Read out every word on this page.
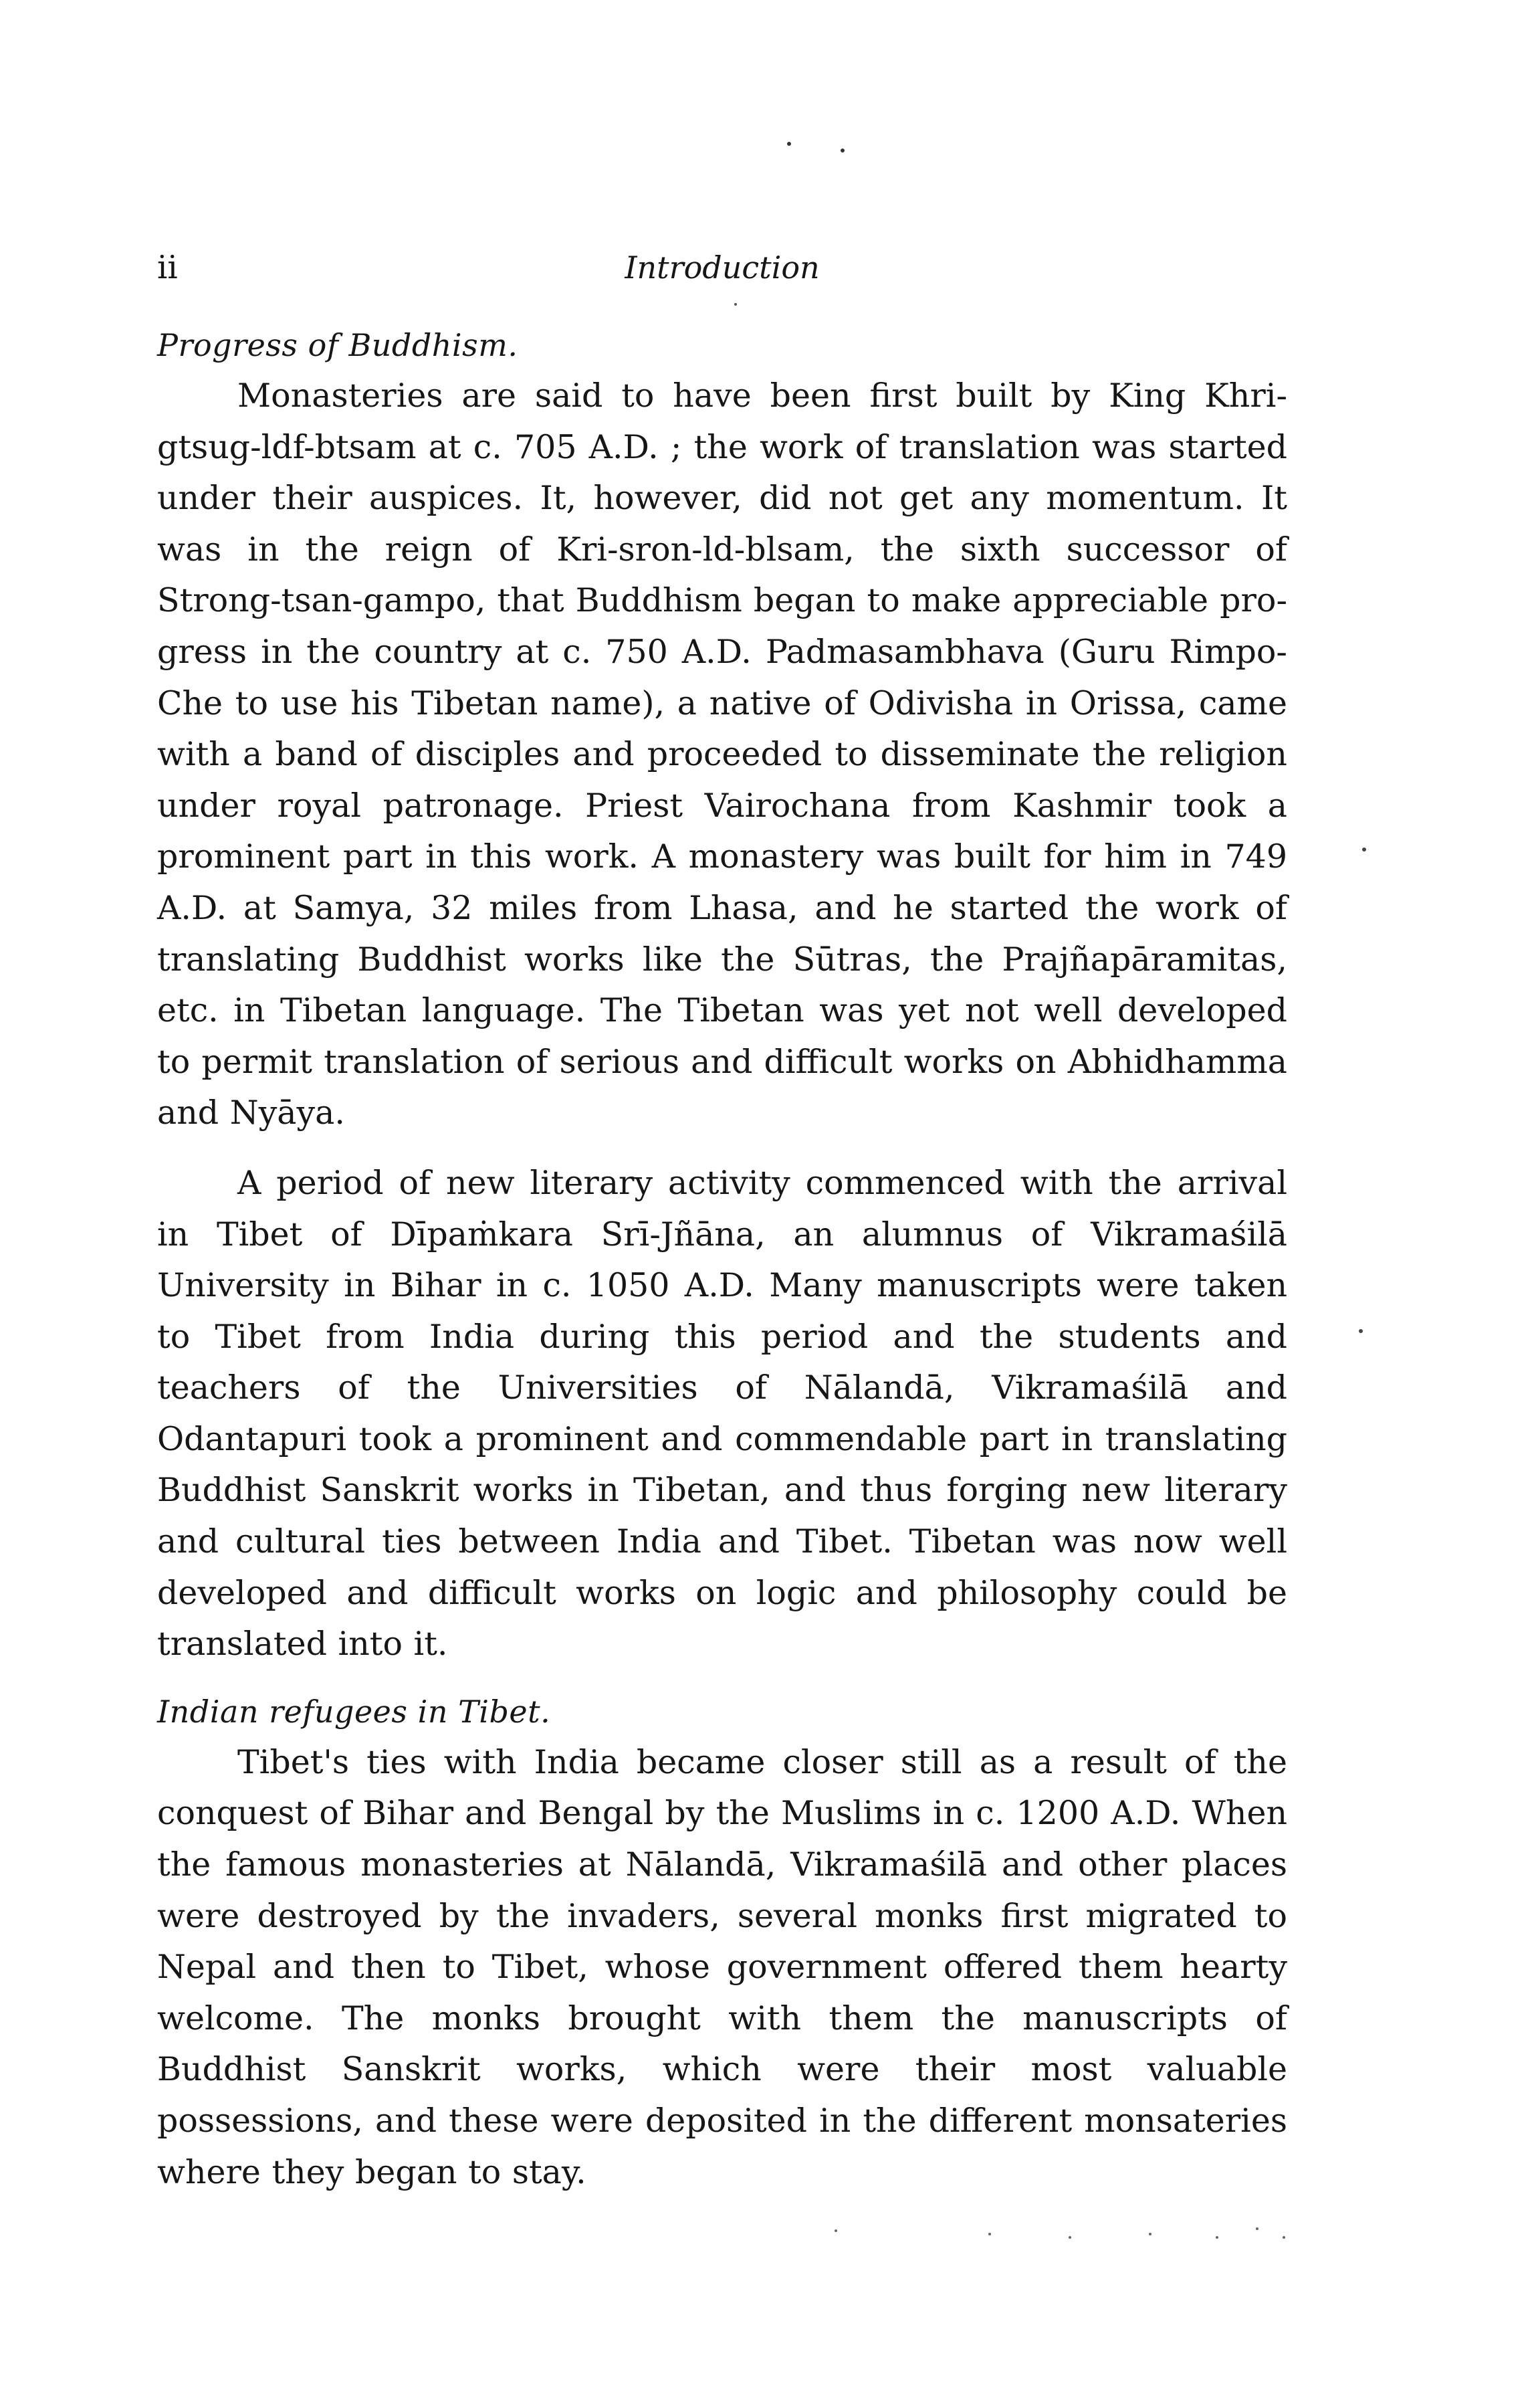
ii	Introduction

Progress of Buddhism.

Monasteries are said to have been first built by King Khri-gtsug-ldf-btsam at c. 705 A.D. ; the work of translation was started under their auspices. It, however, did not get any momentum. It was in the reign of Kri-sron-ld-blsam, the sixth successor of Strong-tsan-gampo, that Buddhism began to make appreciable progress in the country at c. 750 A.D. Padmasambhava (Guru Rimpo-Che to use his Tibetan name), a native of Odivisha in Orissa, came with a band of disciples and proceeded to disseminate the religion under royal patronage. Priest Vairochana from Kashmir took a prominent part in this work. A monastery was built for him in 749 A.D. at Samya, 32 miles from Lhasa, and he started the work of translating Buddhist works like the Sūtras, the Prajñapāramitas, etc. in Tibetan language. The Tibetan was yet not well developed to permit translation of serious and difficult works on Abhidhamma and Nyāya.

A period of new literary activity commenced with the arrival in Tibet of Dīpaṁkara Srī-Jñāna, an alumnus of Vikramaśilā University in Bihar in c. 1050 A.D. Many manuscripts were taken to Tibet from India during this period and the students and teachers of the Universities of Nālandā, Vikramaśilā and Odantapuri took a prominent and commendable part in translating Buddhist Sanskrit works in Tibetan, and thus forging new literary and cultural ties between India and Tibet. Tibetan was now well developed and difficult works on logic and philosophy could be translated into it.

Indian refugees in Tibet.

Tibet's ties with India became closer still as a result of the conquest of Bihar and Bengal by the Muslims in c. 1200 A.D. When the famous monasteries at Nālandā, Vikramaśilā and other places were destroyed by the invaders, several monks first migrated to Nepal and then to Tibet, whose government offered them hearty welcome. The monks brought with them the manuscripts of Buddhist Sanskrit works, which were their most valuable possessions, and these were deposited in the different monsateries where they began to stay.
